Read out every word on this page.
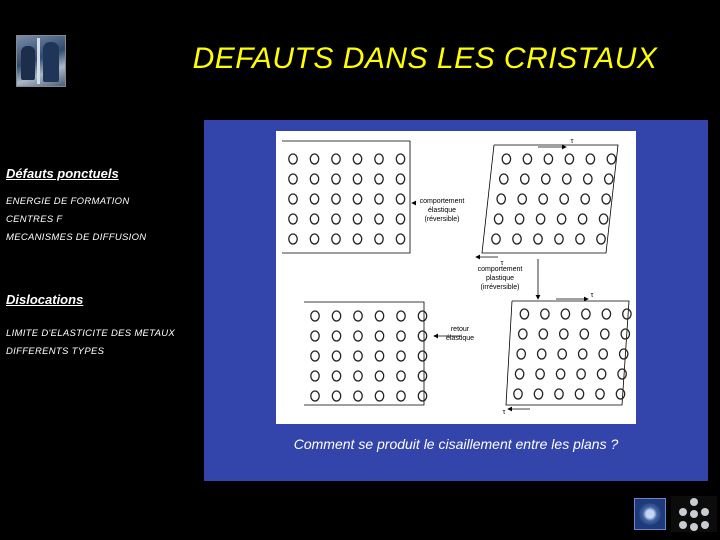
DEFAUTS DANS LES CRISTAUX
Défauts ponctuels
ENERGIE DE FORMATION
CENTRES F
MECANISMES DE DIFFUSION
Dislocations
LIMITE D'ELASTICITE DES METAUX
DIFFERENTS TYPES
τ
τ
τ
τ
comportement
élastique
(réversible)
comportement
plastique
(irréversible)
retour
élastique
Comment se produit le cisaillement entre les plans ?
